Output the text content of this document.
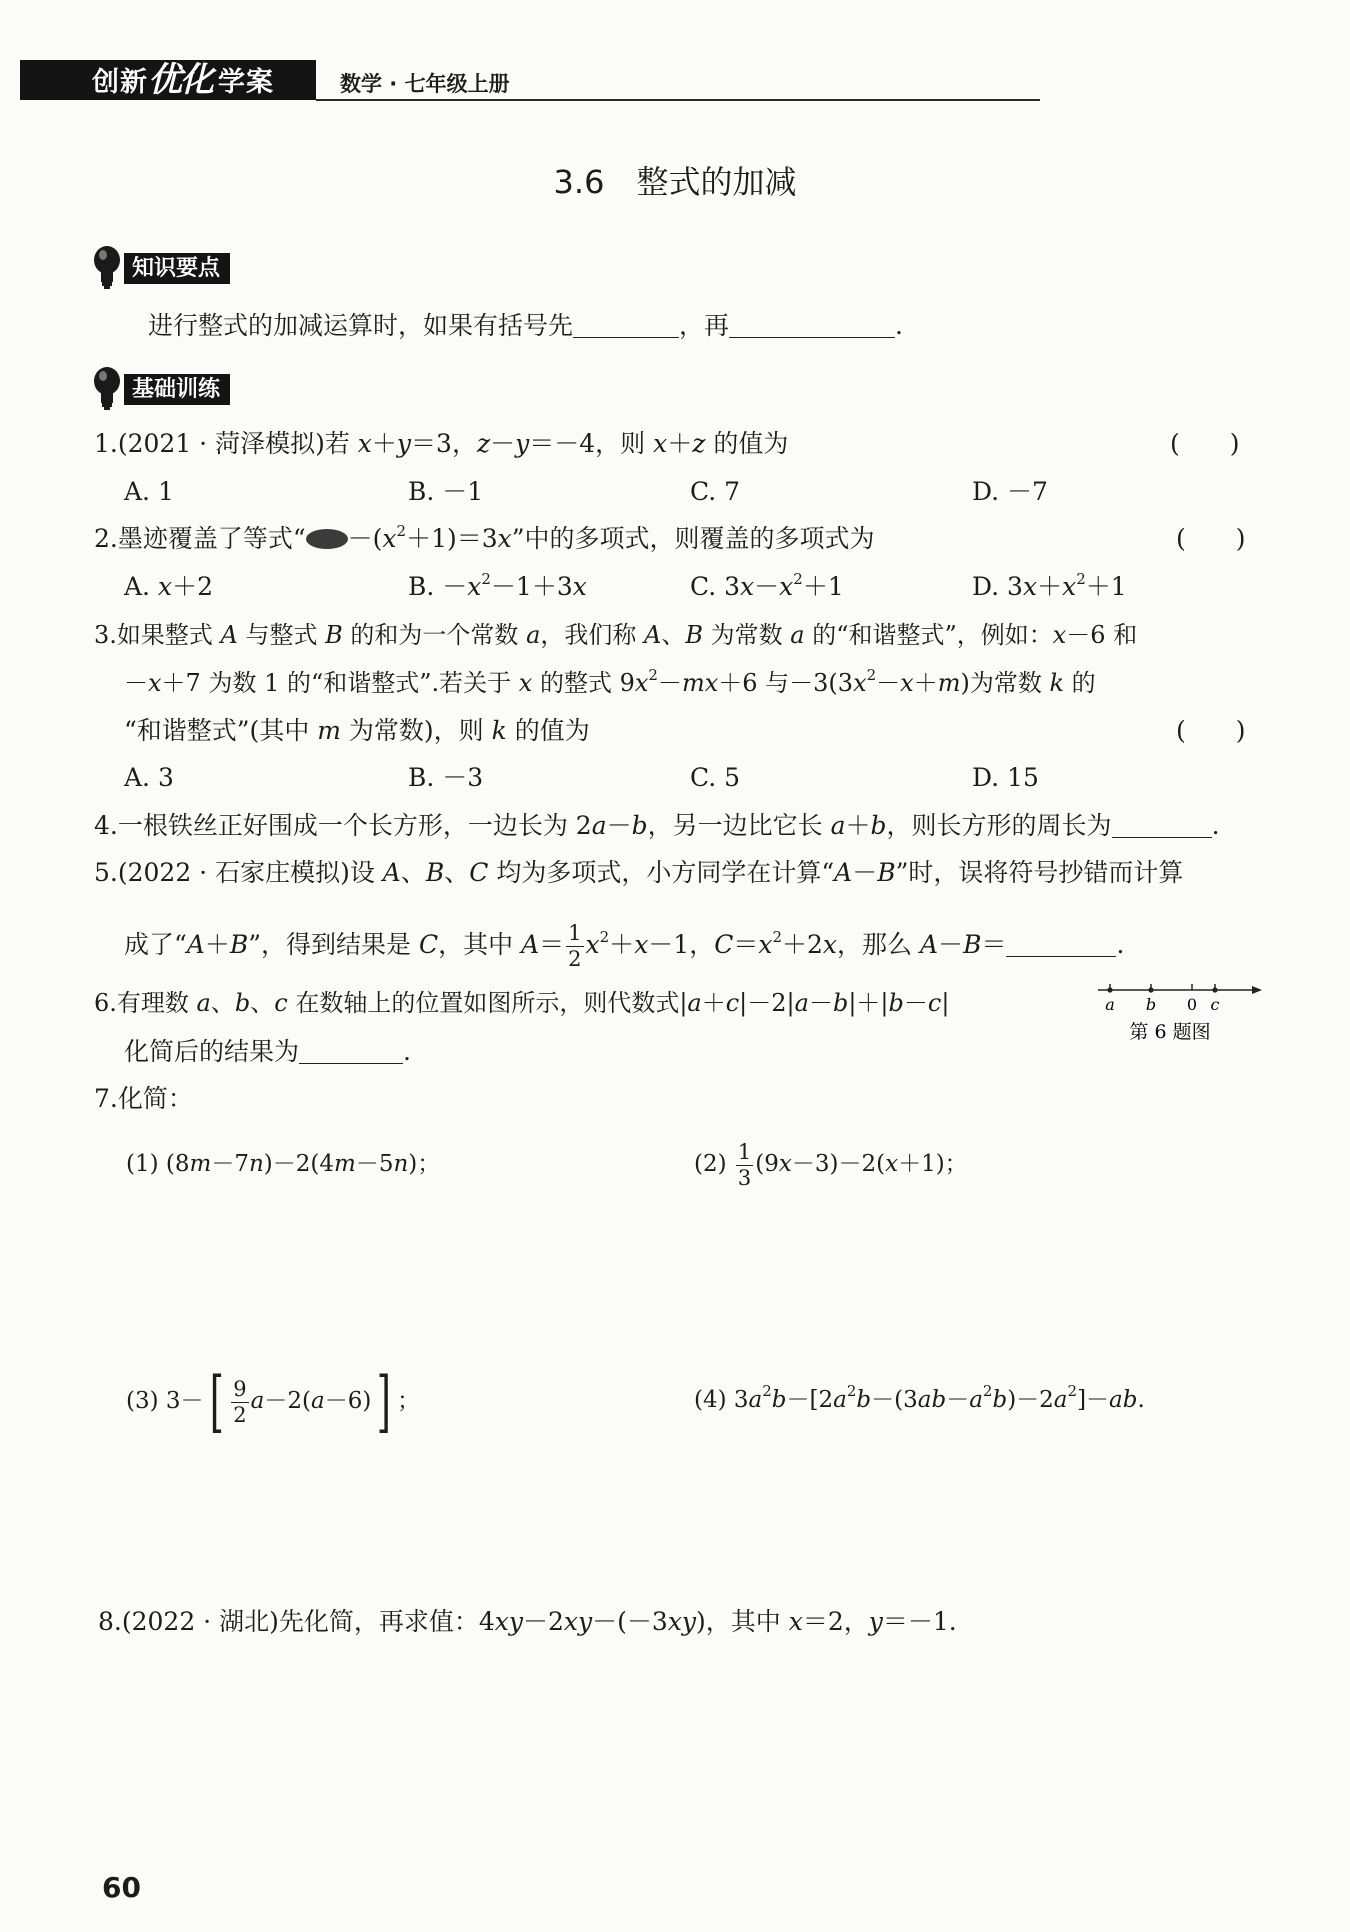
创新优化 学案	数学 · 七年级上册
3.6　整式的加减
知识要点
进行整式的加减运算时，如果有括号先	，再	.
基础训练
1.(2021 · 菏泽模拟)若 x＋y＝3，z－y＝－4，则 x＋z 的值为	(　　)
A. 1	B. －1	C. 7	D. －7
2.墨迹覆盖了等式“ $-(x^2+1)=3x$”中的多项式，则覆盖的多项式为	(　　)
A. x＋2	B. $-x^2-1+3x$	C. $3x-x^2+1$	D. $3x+x^2+1$
3.如果整式 A 与整式 B 的和为一个常数 a，我们称 A、B 为常数 a 的“和谐整式”，例如：x－6 和
－x＋7 为数 1 的“和谐整式”.若关于 x 的整式 $9x^2-mx+6$ 与$-3(3x^2-x+m)$为常数 k 的
“和谐整式”(其中 m 为常数)，则 k 的值为	(　　)
A. 3	B. －3	C. 5	D. 15
4.一根铁丝正好围成一个长方形，一边长为 2a－b，另一边比它长 a＋b，则长方形的周长为	.
5.(2022 · 石家庄模拟)设 A、B、C 均为多项式，小方同学在计算“A－B”时，误将符号抄错而计算
成了“A＋B”，得到结果是 C，其中 $A= \frac{1}{2} x^2+x-1$，$C=x^2+2x$，那么 A－B＝	.
6.有理数 a、b、c 在数轴上的位置如图所示，则代数式|a＋c|－2|a－b|＋|b－c|
化简后的结果为	.
a b 0 c
第 6 题图
7.化简：
(1) (8m－7n)－2(4m－5n)；	$(2) \frac{1}{3} (9x-3)-2(x+1)$；
(3) $3-[ \frac{9}{2} a-2(a-6)]$ ；	(4) $3a^2b-[2a^2b-(3ab-a^2b)-2a^2]-ab$.
8.(2022 · 湖北)先化简，再求值：4xy－2xy－(－3xy)，其中 x＝2，y＝－1.
60
